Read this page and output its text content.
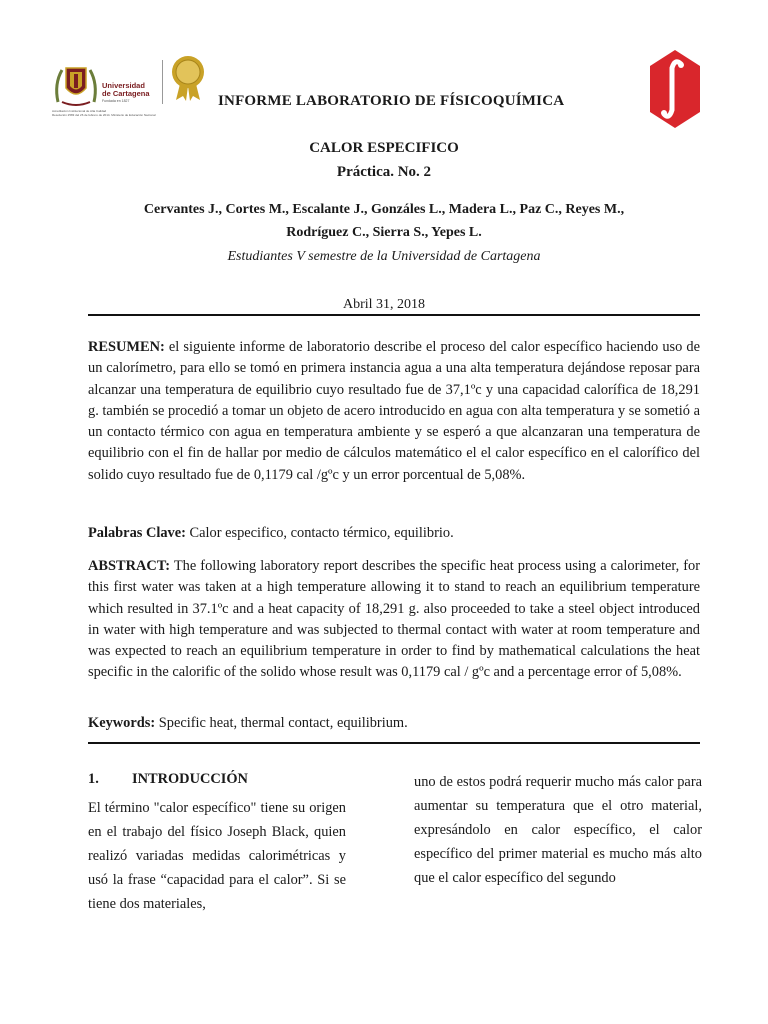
Universidad
de Cartagena
Fundada en 1827
Acreditación Institucional de Alta Calidad
Resolución 2583 del 26 de febrero de 2014. Ministerio de Educación Nacional
INFORME LABORATORIO DE FÍSICOQUÍMICA
CALOR ESPECIFICO
Práctica. No. 2
Cervantes J., Cortes M., Escalante J., Gonzáles L., Madera L., Paz C., Reyes M.,
Rodríguez C., Sierra S., Yepes L.
Estudiantes V semestre de la Universidad de Cartagena
Abril 31, 2018
RESUMEN: el siguiente informe de laboratorio describe el proceso del calor específico haciendo uso de un calorímetro, para ello se tomó en primera instancia agua a una alta temperatura dejándose reposar para alcanzar una temperatura de equilibrio cuyo resultado fue de 37,1ºc y una capacidad calorífica de 18,291 g. también se procedió a tomar un objeto de acero introducido en agua con alta temperatura y se sometió a un contacto térmico con agua en temperatura ambiente y se esperó a que alcanzaran una temperatura de equilibrio con el fin de hallar por medio de cálculos matemático el el calor específico en el calorífico del solido cuyo resultado fue de 0,1179 cal /gºc y un error porcentual de 5,08%.
Palabras Clave: Calor especifico, contacto térmico, equilibrio.
ABSTRACT: The following laboratory report describes the specific heat process using a calorimeter, for this first water was taken at a high temperature allowing it to stand to reach an equilibrium temperature which resulted in 37.1ºc and a heat capacity of 18,291 g. also proceeded to take a steel object introduced in water with high temperature and was subjected to thermal contact with water at room temperature and was expected to reach an equilibrium temperature in order to find by mathematical calculations the heat specific in the calorific of the solido whose result was 0,1179 cal / gºc and a percentage error of 5,08%.
Keywords: Specific heat, thermal contact, equilibrium.
1. INTRODUCCIÓN
El término "calor específico" tiene su origen en el trabajo del físico Joseph Black, quien realizó variadas medidas calorimétricas y usó la frase “capacidad para el calor”. Si se tiene dos materiales,
uno de estos podrá requerir mucho más calor para aumentar su temperatura que el otro material, expresándolo en calor específico, el calor específico del primer material es mucho más alto que el calor específico del segundo
